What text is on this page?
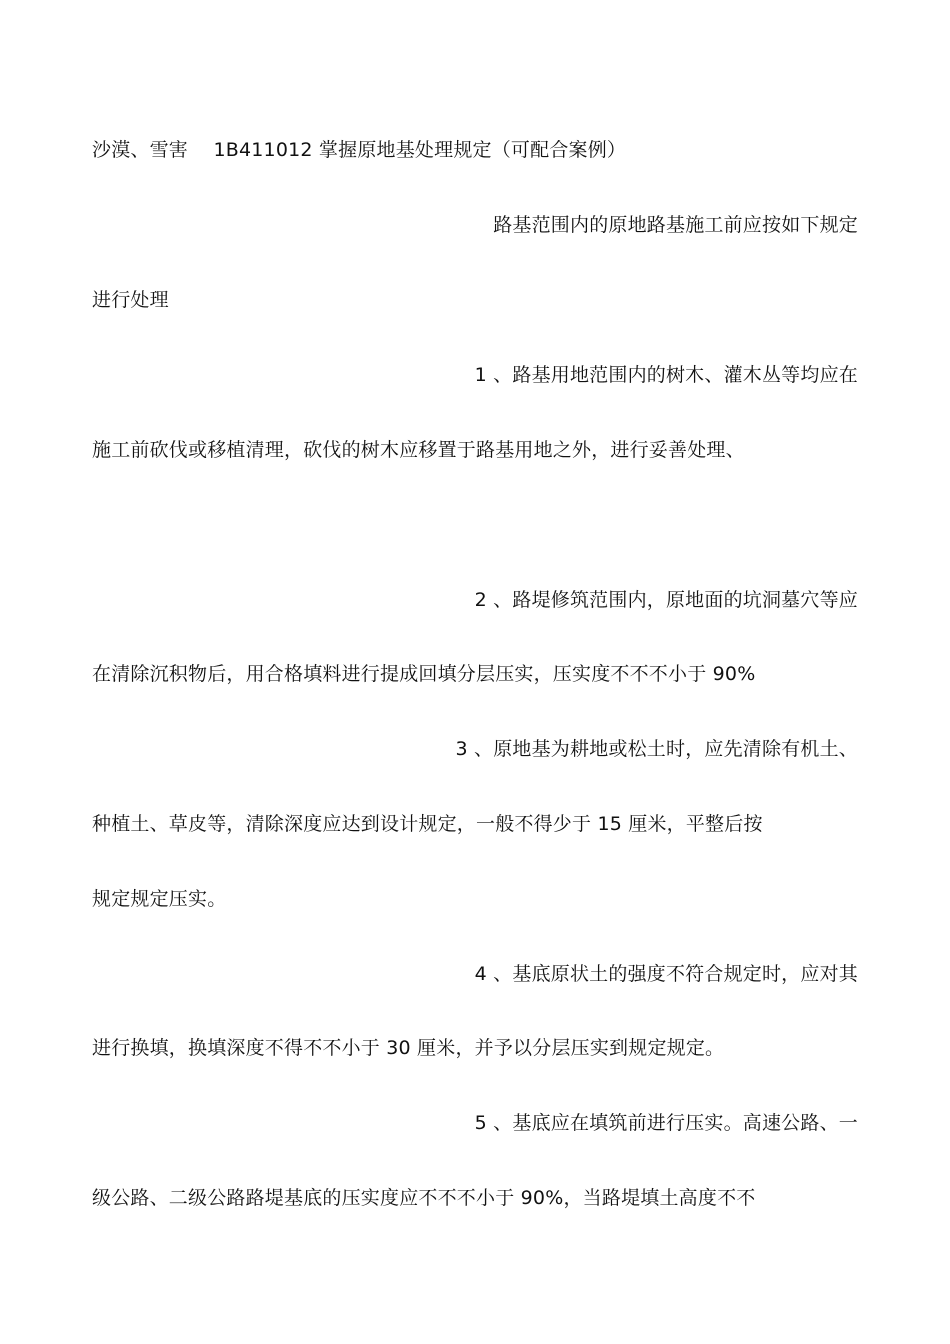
沙漠、雪害　 1B411012 掌握原地基处理规定（可配合案例）
路基范围内的原地路基施工前应按如下规定
进行处理
1 、路基用地范围内的树木、灌木丛等均应在
施工前砍伐或移植清理，砍伐的树木应移置于路基用地之外，进行妥善处理、
2 、路堤修筑范围内，原地面的坑洞墓穴等应
在清除沉积物后，用合格填料进行提成回填分层压实，压实度不不不小于 90%
3 、原地基为耕地或松土时，应先清除有机土、
种植土、草皮等，清除深度应达到设计规定，一般不得少于 15 厘米，平整后按
规定规定压实。
4 、基底原状土的强度不符合规定时，应对其
进行换填，换填深度不得不不小于 30 厘米，并予以分层压实到规定规定。
5 、基底应在填筑前进行压实。高速公路、一
级公路、二级公路路堤基底的压实度应不不不小于 90%，当路堤填土高度不不
